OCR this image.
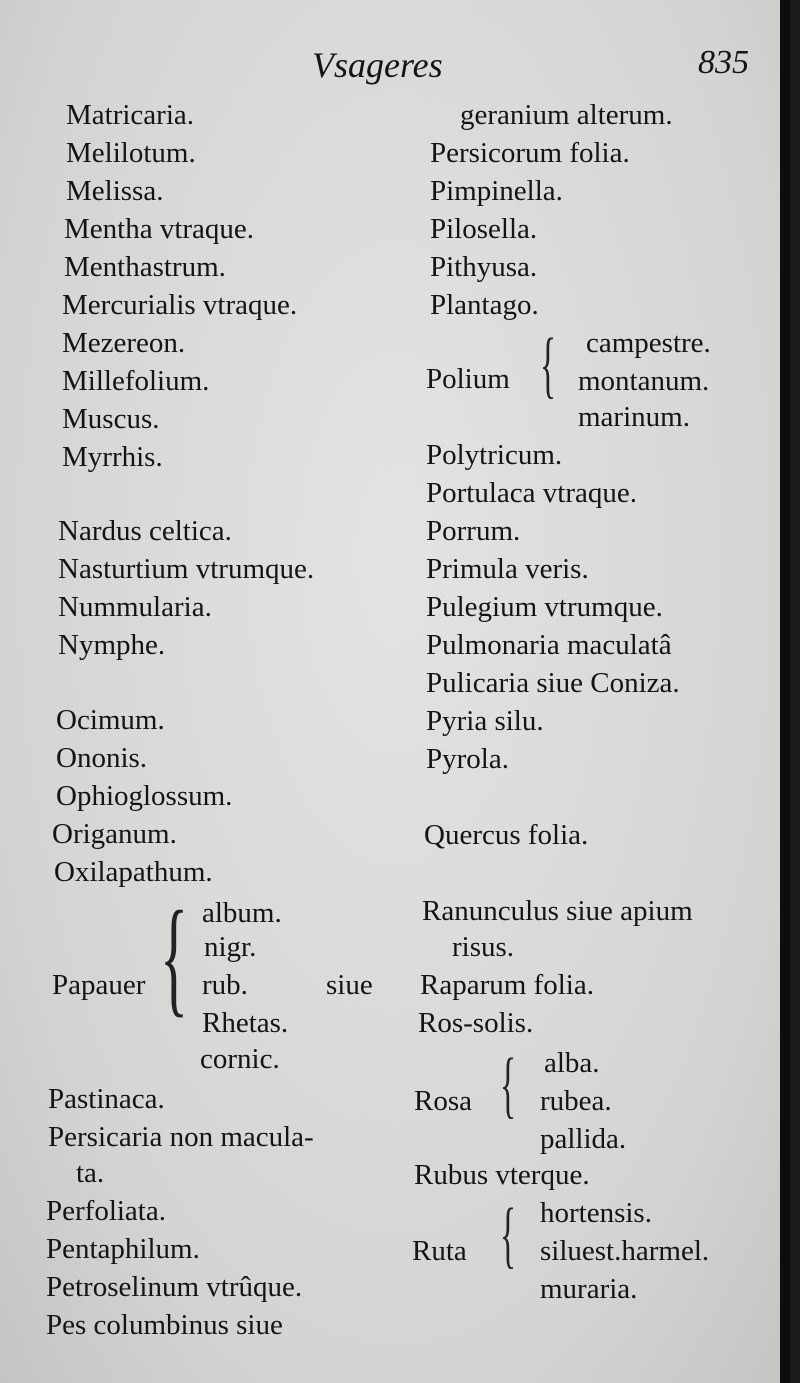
Vsageres	835
Matricaria.
Melilotum.
Melissa.
Mentha vtraque.
Menthastrum.
Mercurialis vtraque.
Mezereon.
Millefolium.
Muscus.
Myrrhis.
Nardus celtica.
Nasturtium vtrumque.
Nummularia.
Nymphe.
Ocimum.
Ononis.
Ophioglossum.
Origanum.
Oxilapathum.
{ album.
nigr.
Papauer rub.	siue
Rhetas.
cornic.
Pastinaca.
Persicaria non macula-
ta.
Perfoliata.
Pentaphilum.
Petroselinum vtrûque.
Pes columbinus siue
geranium alterum.
Persicorum folia.
Pimpinella.
Pilosella.
Pithyusa.
Plantago.
Polium { campestre.
montanum.
marinum.
Polytricum.
Portulaca vtraque.
Porrum.
Primula veris.
Pulegium vtrumque.
Pulmonaria maculatâ
Pulicaria siue Coniza.
Pyria silu.
Pyrola.
Quercus folia.
Ranunculus siue apium
risus.
Raparum folia.
Ros-solis.
Rosa { alba.
rubea.
pallida.
Rubus vterque.
Ruta { hortensis.
siluest.harmel.
muraria.
